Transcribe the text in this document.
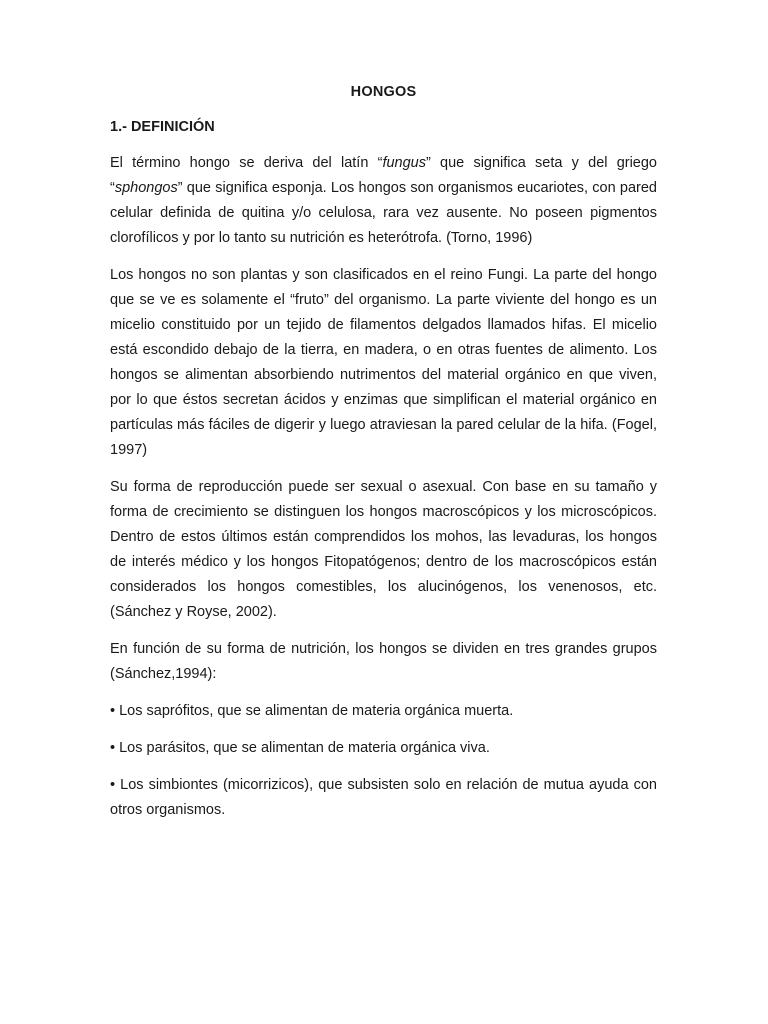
HONGOS
1.- DEFINICIÓN

El término hongo se deriva del latín “fungus” que significa seta y del griego “sphongos” que significa esponja. Los hongos son organismos eucariotes, con pared celular definida de quitina y/o celulosa, rara vez ausente. No poseen pigmentos clorofílicos y por lo tanto su nutrición es heterótrofa. (Torno, 1996)

Los hongos no son plantas y son clasificados en el reino Fungi. La parte del hongo que se ve es solamente el “fruto” del organismo. La parte viviente del hongo es un micelio constituido por un tejido de filamentos delgados llamados hifas. El micelio está escondido debajo de la tierra, en madera, o en otras fuentes de alimento. Los hongos se alimentan absorbiendo nutrimentos del material orgánico en que viven, por lo que éstos secretan ácidos y enzimas que simplifican el material orgánico en partículas más fáciles de digerir y luego atraviesan la pared celular de la hifa. (Fogel, 1997)

Su forma de reproducción puede ser sexual o asexual. Con base en su tamaño y forma de crecimiento se distinguen los hongos macroscópicos y los microscópicos. Dentro de estos últimos están comprendidos los mohos, las levaduras, los hongos de interés médico y los hongos Fitopatógenos; dentro de los macroscópicos están considerados los hongos comestibles, los alucinógenos, los venenosos, etc. (Sánchez y Royse, 2002).

En función de su forma de nutrición, los hongos se dividen en tres grandes grupos (Sánchez,1994):

• Los saprófitos, que se alimentan de materia orgánica muerta.

• Los parásitos, que se alimentan de materia orgánica viva.

• Los simbiontes (micorrizicos), que subsisten solo en relación de mutua ayuda con otros organismos.
